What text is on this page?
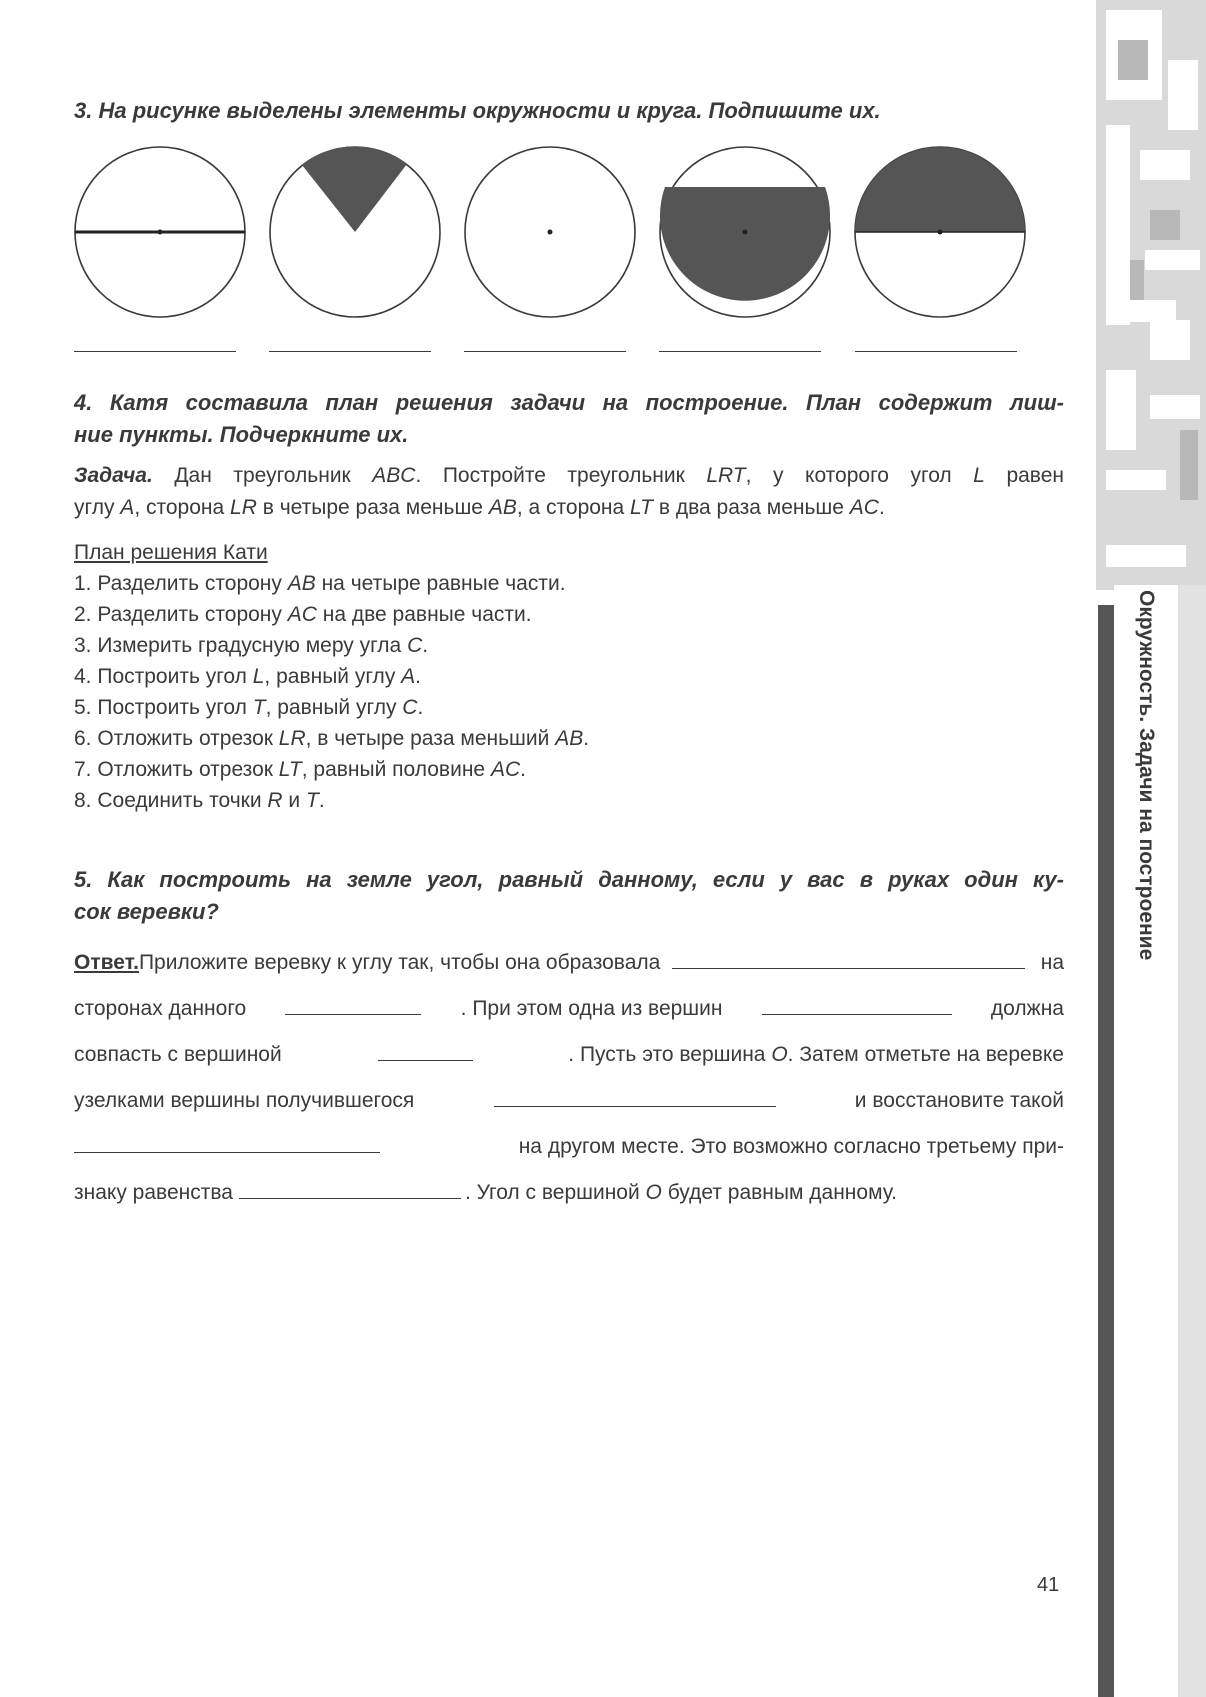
3. На рисунке выделены элементы окружности и круга. Подпишите их.
4. Катя составила план решения задачи на построение. План содержит лиш-
ние пункты. Подчеркните их.
Задача. Дан треугольник ABC. Постройте треугольник LRT, у которого угол L равен
углу A, сторона LR в четыре раза меньше AB, а сторона LT в два раза меньше AC.
План решения Кати
1. Разделить сторону AB на четыре равные части.
2. Разделить сторону AC на две равные части.
3. Измерить градусную меру угла C.
4. Построить угол L, равный углу A.
5. Построить угол T, равный углу C.
6. Отложить отрезок LR, в четыре раза меньший AB.
7. Отложить отрезок LT, равный половине AC.
8. Соединить точки R и T.
5. Как построить на земле угол, равный данному, если у вас в руках один ку-
сок веревки?
Ответ. Приложите веревку к углу так, чтобы она образовала	на
сторонах данного	. При этом одна из вершин	должна
совпасть с вершиной	. Пусть это вершина O. Затем отметьте на веревке
узелками вершины получившегося	и восстановите такой
на другом месте. Это возможно согласно третьему при-
знаку равенства	. Угол с вершиной O будет равным данному.
41
Окружность. Задачи на построение
